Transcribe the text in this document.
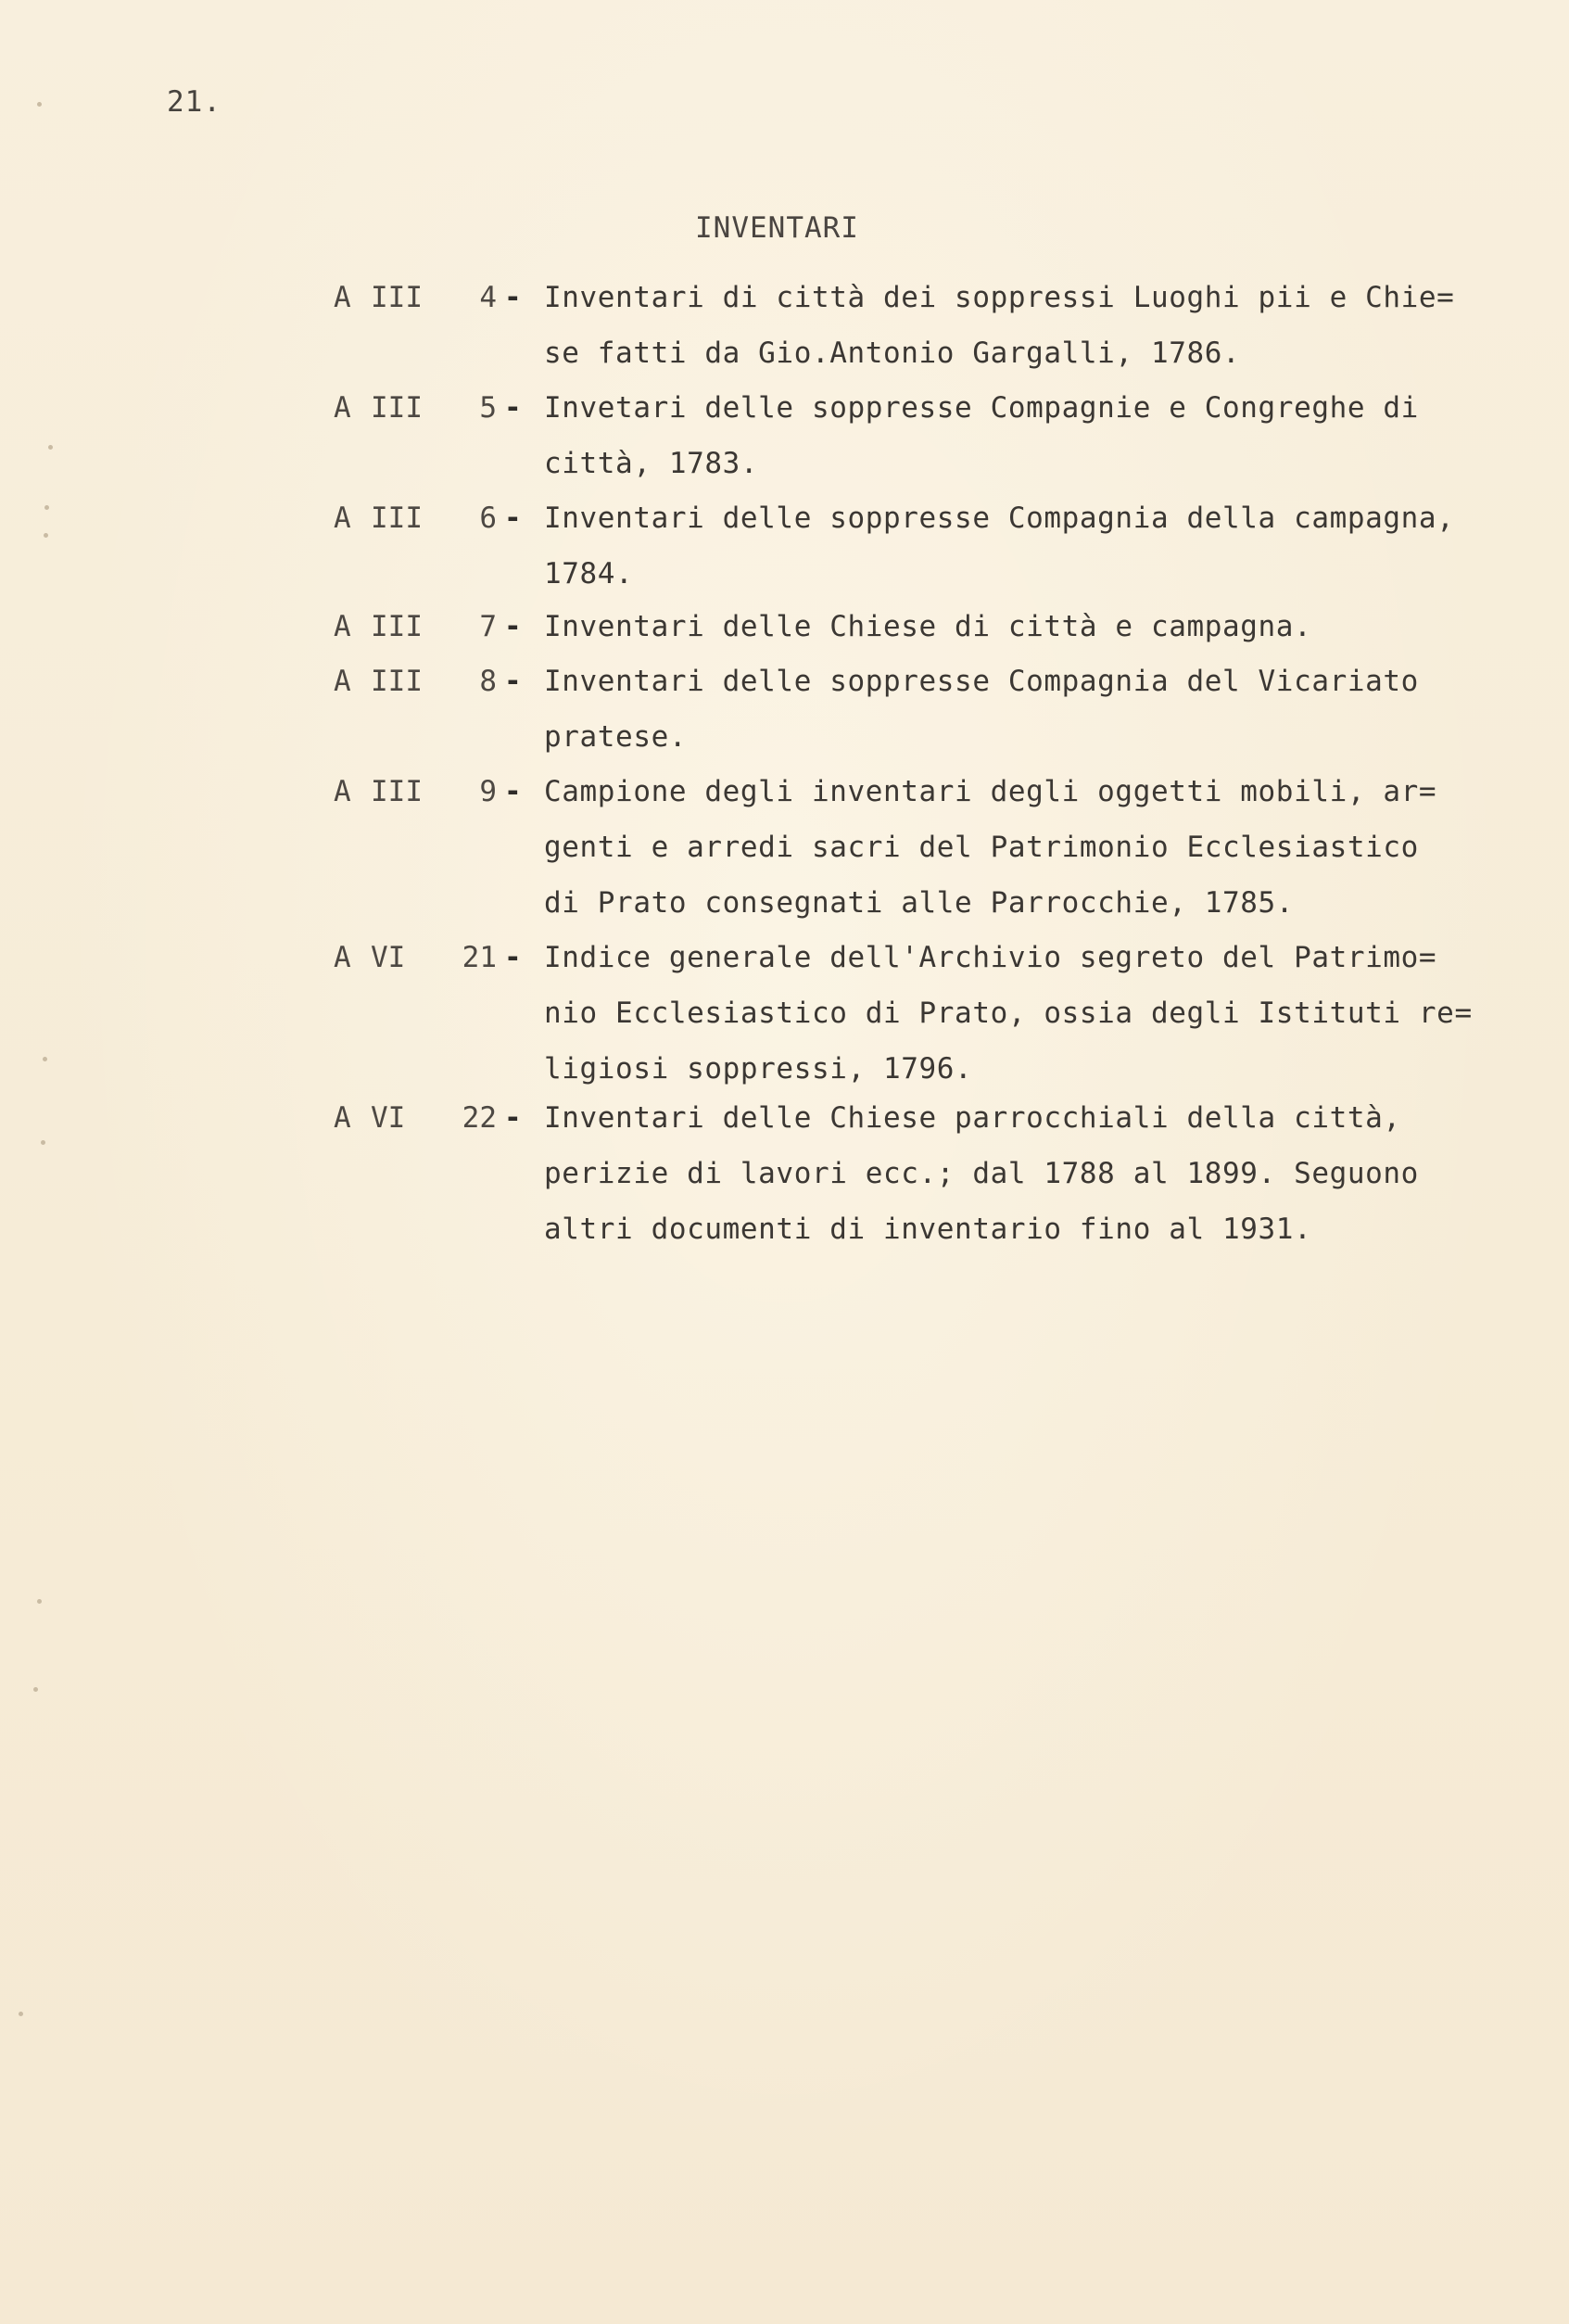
21.
INVENTARI
A III 4 - Inventari di città dei soppressi Luoghi pii e Chie=
se fatti da Gio.Antonio Gargalli, 1786.
A III 5 - Invetari delle soppresse Compagnie e Congreghe di
città, 1783.
A III 6 - Inventari delle soppresse Compagnia della campagna,
1784.
A III 7 - Inventari delle Chiese di città e campagna.
A III 8 - Inventari delle soppresse Compagnia del Vicariato
pratese.
A III 9 - Campione degli inventari degli oggetti mobili, ar=
genti e arredi sacri del Patrimonio Ecclesiastico
di Prato consegnati alle Parrocchie, 1785.
A VI 21 - Indice generale dell'Archivio segreto del Patrimo=
nio Ecclesiastico di Prato, ossia degli Istituti re=
ligiosi soppressi, 1796.
A VI 22 - Inventari delle Chiese parrocchiali della città,
perizie di lavori ecc.; dal 1788 al 1899. Seguono
altri documenti di inventario fino al 1931.
